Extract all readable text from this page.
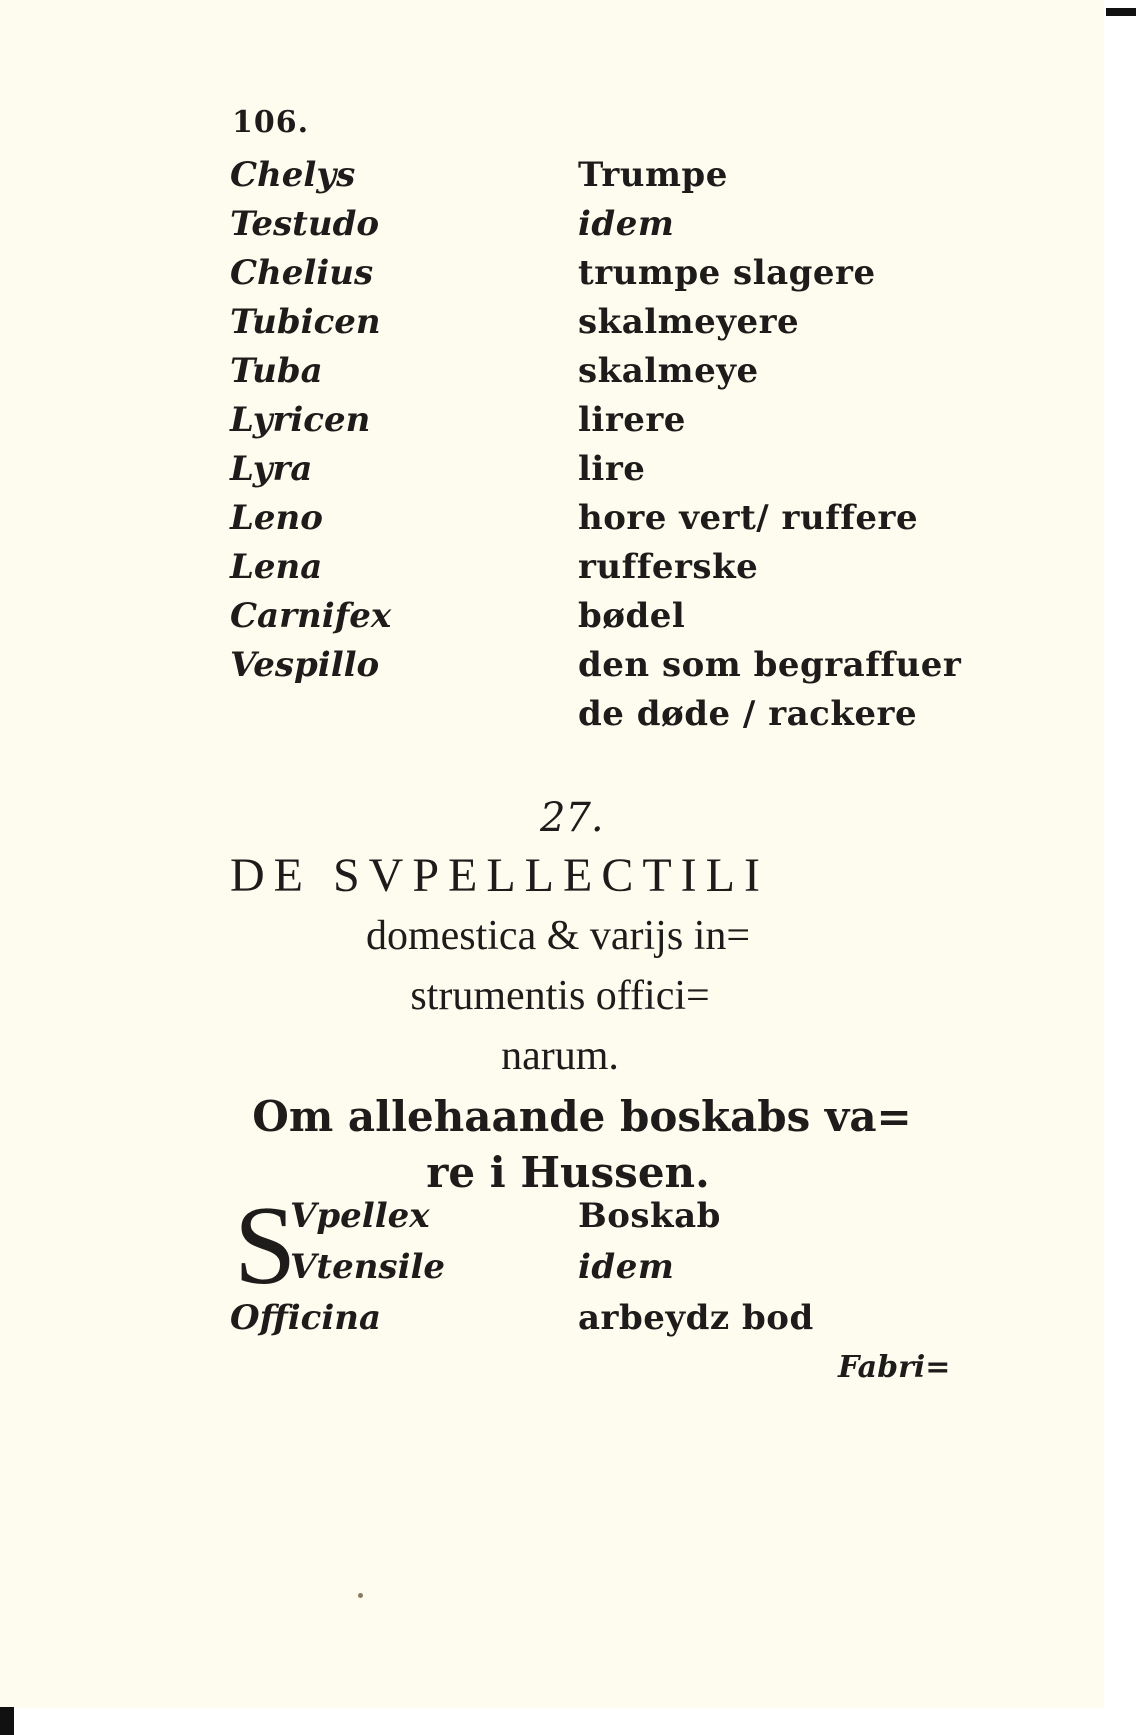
106.
Chelys	Trumpe
Testudo	idem
Chelius	trumpe slagere
Tubicen	skalmeyere
Tuba	skalmeye
Lyricen	lirere
Lyra	lire
Leno	hore vert/ ruffere
Lena	rufferske
Carnifex	bødel
Vespillo	den som begraffuer
de døde / rackere
27.
DE SVPELLECTILI
domestica & varijs in=
strumentis offici=
narum.
Om allehaande boskabs va=
re i Hussen.
S
Vpellex	Boskab
Vtensile	idem
Officina	arbeydz bod
Fabri=
